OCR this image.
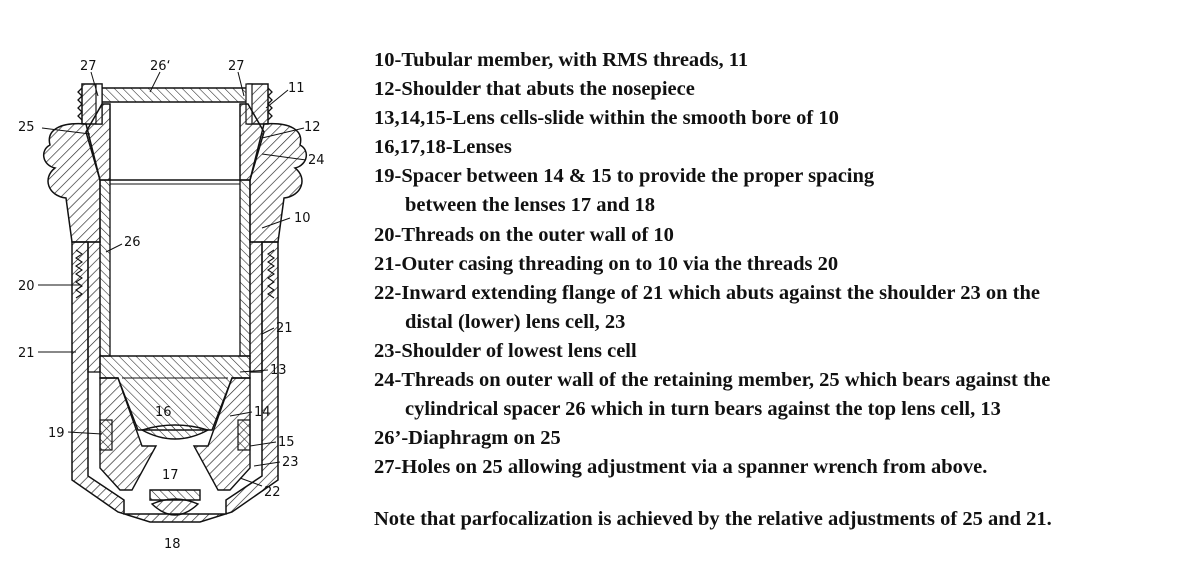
27	26‘	27
11
25	12
24
10
26
20
21
21
13
16	14
19
15
23
17
22
18
10-Tubular member, with RMS threads, 11
12-Shoulder that abuts the nosepiece
13,14,15-Lens cells-slide within the smooth bore of 10
16,17,18-Lenses
19-Spacer between 14 & 15 to provide the proper spacing
between the lenses 17 and 18
20-Threads on the outer wall of 10
21-Outer casing threading on to 10 via the threads 20
22-Inward extending flange of 21 which abuts against the shoulder 23 on the
distal (lower) lens cell, 23
23-Shoulder of lowest lens cell
24-Threads on outer wall of the retaining member, 25 which bears against the
cylindrical spacer 26 which in turn bears against the top lens cell, 13
26’-Diaphragm on 25
27-Holes on 25 allowing adjustment via a spanner wrench from above.
Note that parfocalization is achieved by the relative adjustments of 25 and 21.
